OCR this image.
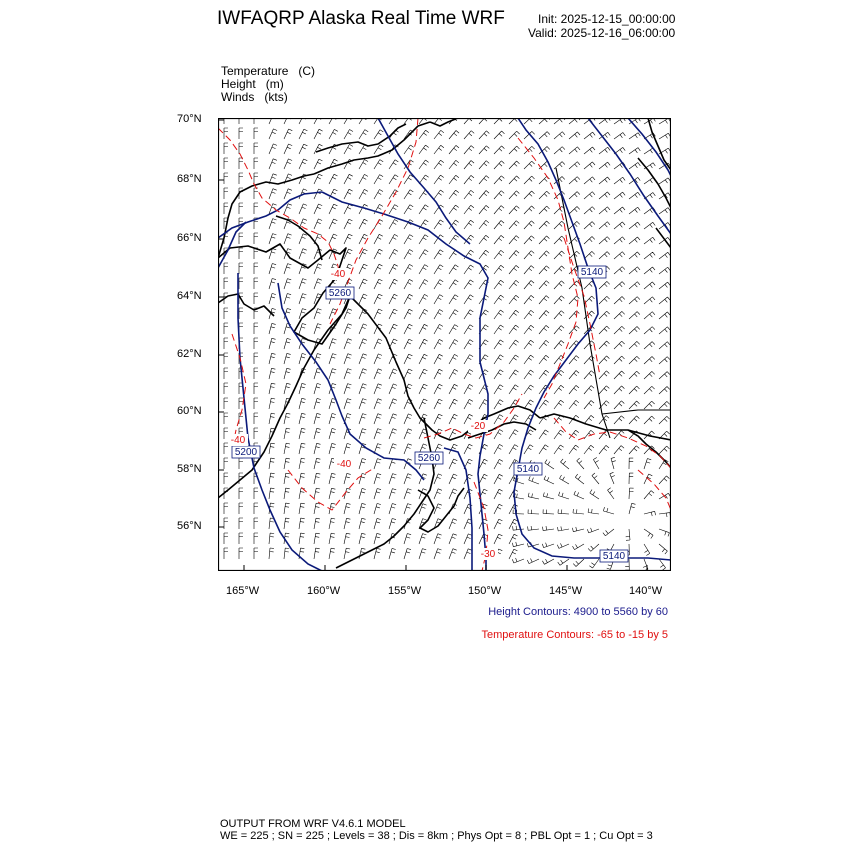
IWFAQRP Alaska Real Time WRF	Init: 2025-12-15_00:00:00
Valid: 2025-12-16_06:00:00
Temperature (C)
Height (m)
Winds (kts)
70°N
68°N
66°N
64°N
62°N
60°N
58°N
56°N
165°W	160°W	155°W	150°W	145°W	140°W
5260
5200
5260
5140
5140
5140
-40
-40
-30
-20
-40
Height Contours: 4900 to 5560 by 60
Temperature Contours: -65 to -15 by 5
OUTPUT FROM WRF V4.6.1 MODEL
WE = 225 ; SN = 225 ; Levels = 38 ; Dis = 8km ; Phys Opt = 8 ; PBL Opt = 1 ; Cu Opt = 3
